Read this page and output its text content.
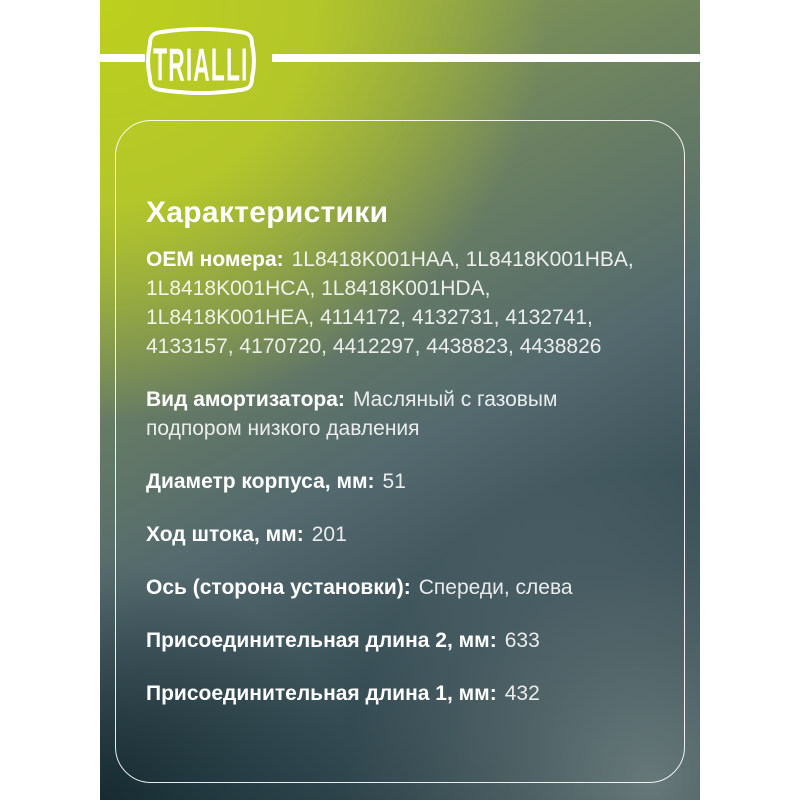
TRIALLI
Характеристики
OEM номера: 1L8418K001HAA, 1L8418K001HBA, 1L8418K001HCA, 1L8418K001HDA, 1L8418K001HEA, 4114172, 4132731, 4132741, 4133157, 4170720, 4412297, 4438823, 4438826
Вид амортизатора: Масляный с газовым подпором низкого давления
Диаметр корпуса, мм: 51
Ход штока, мм: 201
Ось (сторона установки): Спереди, слева
Присоединительная длина 2, мм: 633
Присоединительная длина 1, мм: 432
